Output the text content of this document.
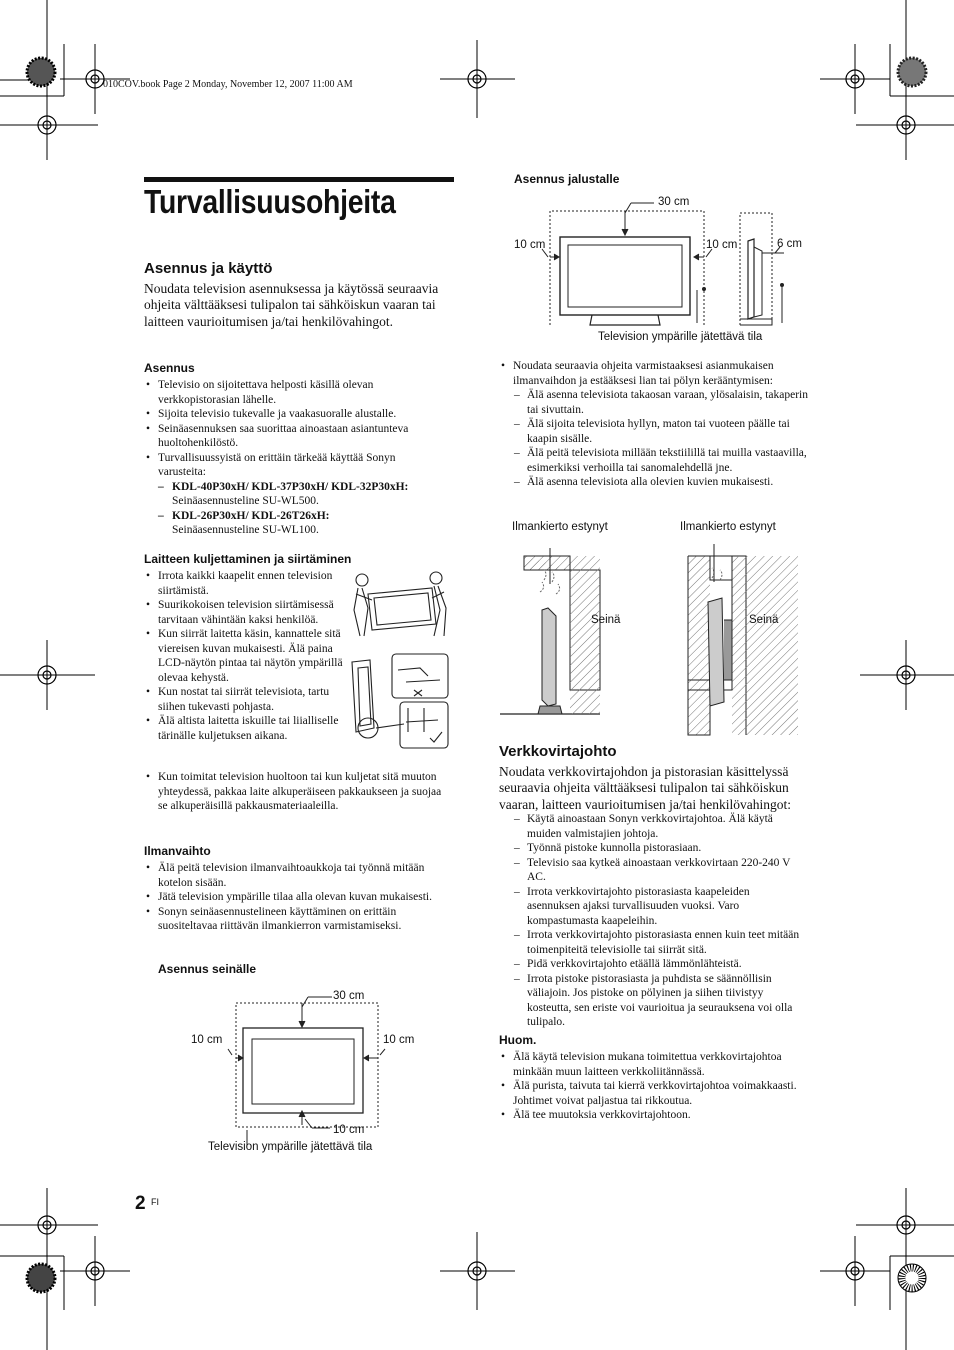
010COV.book Page 2 Monday, November 12, 2007 11:00 AM
Turvallisuusohjeita
Asennus ja käyttö
Noudata television asennuksessa ja käytössä seuraavia ohjeita välttääksesi tulipalon tai sähköiskun vaaran tai laitteen vaurioitumisen ja/tai henkilövahingot.
Asennus
• Televisio on sijoitettava helposti käsillä olevan verkkopistorasian lähelle.
• Sijoita televisio tukevalle ja vaakasuoralle alustalle.
• Seinäasennuksen saa suorittaa ainoastaan asiantunteva huoltohenkilöstö.
• Turvallisuussyistä on erittäin tärkeää käyttää Sonyn varusteita:
– KDL-40P30xH/ KDL-37P30xH/ KDL-32P30xH:
Seinäasennusteline SU-WL500.
– KDL-26P30xH/ KDL-26T26xH:
Seinäasennusteline SU-WL100.
Laitteen kuljettaminen ja siirtäminen
• Irrota kaikki kaapelit ennen television siirtämistä.
• Suurikokoisen television siirtämisessä tarvitaan vähintään kaksi henkilöä.
• Kun siirrät laitetta käsin, kannattele sitä viereisen kuvan mukaisesti. Älä paina LCD-näytön pintaa tai näytön ympärillä olevaa kehystä.
• Kun nostat tai siirrät televisiota, tartu siihen tukevasti pohjasta.
• Älä altista laitetta iskuille tai liialliselle tärinälle kuljetuksen aikana.
• Kun toimitat television huoltoon tai kun kuljetat sitä muuton yhteydessä, pakkaa laite alkuperäiseen pakkaukseen ja suojaa se alkuperäisillä pakkausmateriaaleilla.
Ilmanvaihto
• Älä peitä television ilmanvaihtoaukkoja tai työnnä mitään kotelon sisään.
• Jätä television ympärille tilaa alla olevan kuvan mukaisesti.
• Sonyn seinäasennustelineen käyttäminen on erittäin suositeltavaa riittävän ilmankierron varmistamiseksi.
Asennus seinälle
30 cm
10 cm	10 cm
10 cm
Television ympärille jätettävä tila
Asennus jalustalle
30 cm
10 cm	10 cm	6 cm
Television ympärille jätettävä tila
• Noudata seuraavia ohjeita varmistaaksesi asianmukaisen ilmanvaihdon ja estääksesi lian tai pölyn kerääntymisen:
– Älä asenna televisiota takaosan varaan, ylösalaisin, takaperin tai sivuttain.
– Älä sijoita televisiota hyllyn, maton tai vuoteen päälle tai kaapin sisälle.
– Älä peitä televisiota millään tekstiilillä tai muilla vastaavilla, esimerkiksi verhoilla tai sanomalehdellä jne.
– Älä asenna televisiota alla olevien kuvien mukaisesti.
Ilmankierto estynyt	Ilmankierto estynyt
Seinä	Seinä
Verkkovirtajohto
Noudata verkkovirtajohdon ja pistorasian käsittelyssä seuraavia ohjeita välttääksesi tulipalon tai sähköiskun vaaran, laitteen vaurioitumisen ja/tai henkilövahingot:
– Käytä ainoastaan Sonyn verkkovirtajohtoa. Älä käytä muiden valmistajien johtoja.
– Työnnä pistoke kunnolla pistorasiaan.
– Televisio saa kytkeä ainoastaan verkkovirtaan 220-240 V AC.
– Irrota verkkovirtajohto pistorasiasta kaapeleiden asennuksen ajaksi turvallisuuden vuoksi. Varo kompastumasta kaapeleihin.
– Irrota verkkovirtajohto pistorasiasta ennen kuin teet mitään toimenpiteitä televisiolle tai siirrät sitä.
– Pidä verkkovirtajohto etäällä lämmönlähteistä.
– Irrota pistoke pistorasiasta ja puhdista se säännöllisin väliajoin. Jos pistoke on pölyinen ja siihen tiivistyy kosteutta, sen eriste voi vaurioitua ja seurauksena voi olla tulipalo.
Huom.
• Älä käytä television mukana toimitettua verkkovirtajohtoa minkään muun laitteen verkkoliitännässä.
• Älä purista, taivuta tai kierrä verkkovirtajohtoa voimakkaasti. Johtimet voivat paljastua tai rikkoutua.
• Älä tee muutoksia verkkovirtajohtoon.
2 FI
